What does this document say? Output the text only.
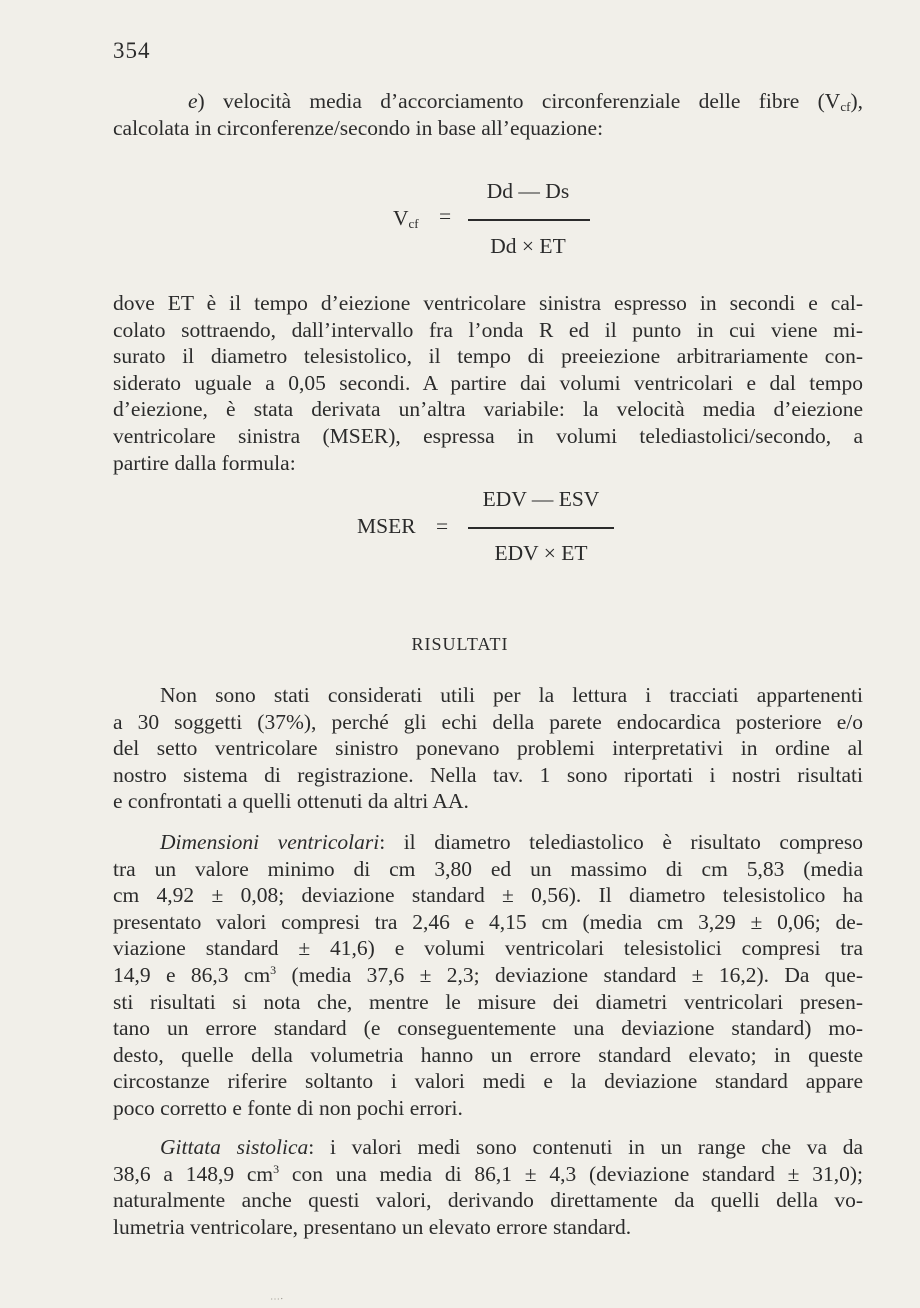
354
e) velocità media d’accorciamento circonferenziale delle fibre $(V_{cf})$,
calcolata in circonferenze/secondo in base all’equazione:
$V_{cf}$ =
Dd — Ds
Dd × ET
dove ET è il tempo d’eiezione ventricolare sinistra espresso in secondi e cal-
colato sottraendo, dall’intervallo fra l’onda R ed il punto in cui viene mi-
surato il diametro telesistolico, il tempo di preeiezione arbitrariamente con-
siderato uguale a 0,05 secondi. A partire dai volumi ventricolari e dal tempo
d’eiezione, è stata derivata un’altra variabile: la velocità media d’eiezione
ventricolare sinistra (MSER), espressa in volumi telediastolici/secondo, a
partire dalla formula:
MSER =
EDV — ESV
EDV × ET
RISULTATI
Non sono stati considerati utili per la lettura i tracciati appartenenti
a 30 soggetti (37%), perché gli echi della parete endocardica posteriore e/o
del setto ventricolare sinistro ponevano problemi interpretativi in ordine al
nostro sistema di registrazione. Nella tav. 1 sono riportati i nostri risultati
e confrontati a quelli ottenuti da altri AA.
Dimensioni ventricolari: il diametro telediastolico è risultato compreso
tra un valore minimo di cm 3,80 ed un massimo di cm 5,83 (media
cm 4,92 ± 0,08; deviazione standard ± 0,56). Il diametro telesistolico ha
presentato valori compresi tra 2,46 e 4,15 cm (media cm 3,29 ± 0,06; de-
viazione standard ± 41,6) e volumi ventricolari telesistolici compresi tra
14,9 e 86,3 $cm^3$ (media 37,6 ± 2,3; deviazione standard ± 16,2). Da que-
sti risultati si nota che, mentre le misure dei diametri ventricolari presen-
tano un errore standard (e conseguentemente una deviazione standard) mo-
desto, quelle della volumetria hanno un errore standard elevato; in queste
circostanze riferire soltanto i valori medi e la deviazione standard appare
poco corretto e fonte di non pochi errori.
Gittata sistolica: i valori medi sono contenuti in un range che va da
38,6 a 148,9 $cm^3$ con una media di 86,1 ± 4,3 (deviazione standard ± 31,0);
naturalmente anche questi valori, derivando direttamente da quelli della vo-
lumetria ventricolare, presentano un elevato errore standard.
⋯⋅
